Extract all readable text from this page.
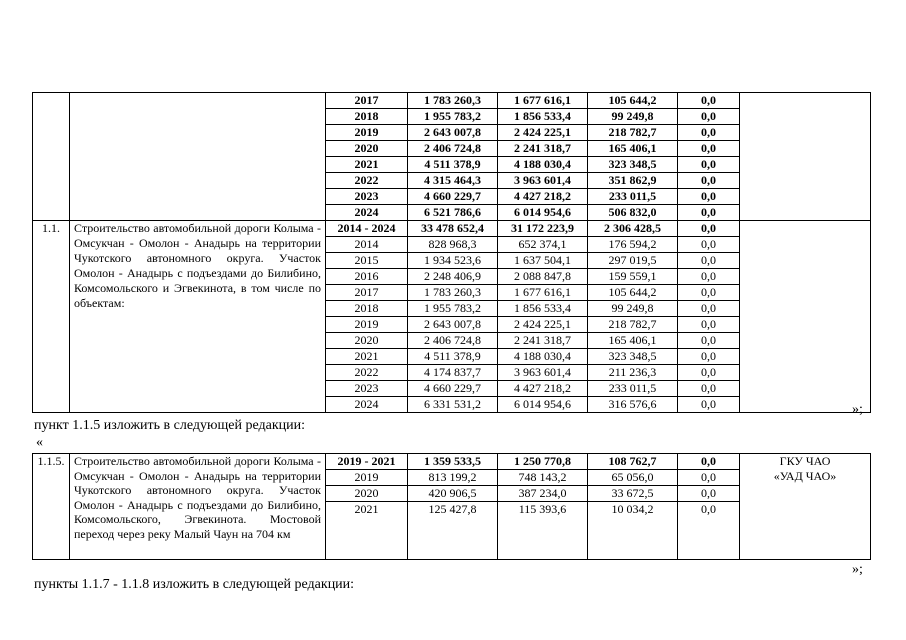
		2017	1 783 260,3	1 677 616,1	105 644,2	0,0	
		2018	1 955 783,2	1 856 533,4	99 249,8	0,0	
		2019	2 643 007,8	2 424 225,1	218 782,7	0,0	
		2020	2 406 724,8	2 241 318,7	165 406,1	0,0	
		2021	4 511 378,9	4 188 030,4	323 348,5	0,0	
		2022	4 315 464,3	3 963 601,4	351 862,9	0,0	
		2023	4 660 229,7	4 427 218,2	233 011,5	0,0	
		2024	6 521 786,6	6 014 954,6	506 832,0	0,0	
1.1.	Строительство автомобильной дороги Колыма - Омсукчан - Омолон - Анадырь на территории Чукотского автономного округа. Участок Омолон - Анадырь с подъездами до Билибино, Комсомольского и Эгвекинота, в том числе по объектам:	2014 - 2024	33 478 652,4	31 172 223,9	2 306 428,5	0,0	
		2014	828 968,3	652 374,1	176 594,2	0,0	
		2015	1 934 523,6	1 637 504,1	297 019,5	0,0	
		2016	2 248 406,9	2 088 847,8	159 559,1	0,0	
		2017	1 783 260,3	1 677 616,1	105 644,2	0,0	
		2018	1 955 783,2	1 856 533,4	99 249,8	0,0	
		2019	2 643 007,8	2 424 225,1	218 782,7	0,0	
		2020	2 406 724,8	2 241 318,7	165 406,1	0,0	
		2021	4 511 378,9	4 188 030,4	323 348,5	0,0	
		2022	4 174 837,7	3 963 601,4	211 236,3	0,0	
		2023	4 660 229,7	4 427 218,2	233 011,5	0,0	
		2024	6 331 531,2	6 014 954,6	316 576,6	0,0		»;
пункт 1.1.5 изложить в следующей редакции:
«
1.1.5.	Строительство автомобильной дороги Колыма - Омсукчан - Омолон - Анадырь на территории Чукотского автономного округа. Участок Омолон - Анадырь с подъездами до Билибино, Комсомольского, Эгвекинота. Мостовой переход через реку Малый Чаун на 704 км	2019 - 2021	1 359 533,5	1 250 770,8	108 762,7	0,0	ГКУ ЧАО «УАД ЧАО»
		2019	813 199,2	748 143,2	65 056,0	0,0	
		2020	420 906,5	387 234,0	33 672,5	0,0	
		2021	125 427,8	115 393,6	10 034,2	0,0	
»;
пункты 1.1.7 - 1.1.8 изложить в следующей редакции:
